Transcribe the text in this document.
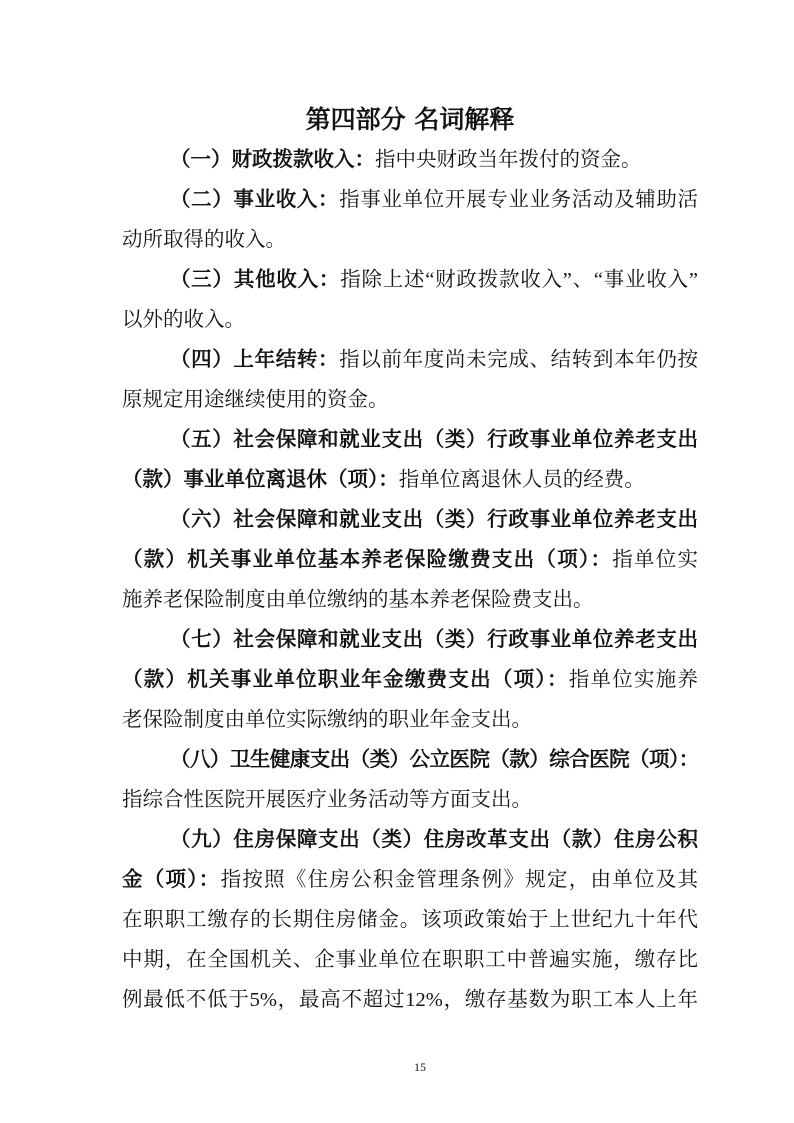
第四部分 名词解释
（一）财政拨款收入：指中央财政当年拨付的资金。
（二）事业收入：指事业单位开展专业业务活动及辅助活
动所取得的收入。
（三）其他收入：指除上述“财政拨款收入”、“事业收入”
以外的收入。
（四）上年结转：指以前年度尚未完成、结转到本年仍按
原规定用途继续使用的资金。
（五）社会保障和就业支出（类）行政事业单位养老支出
（款）事业单位离退休（项）：指单位离退休人员的经费。
（六）社会保障和就业支出（类）行政事业单位养老支出
（款）机关事业单位基本养老保险缴费支出（项）：指单位实
施养老保险制度由单位缴纳的基本养老保险费支出。
（七）社会保障和就业支出（类）行政事业单位养老支出
（款）机关事业单位职业年金缴费支出（项）：指单位实施养
老保险制度由单位实际缴纳的职业年金支出。
（八）卫生健康支出（类）公立医院（款）综合医院（项）：
指综合性医院开展医疗业务活动等方面支出。
（九）住房保障支出（类）住房改革支出（款）住房公积
金（项）：指按照《住房公积金管理条例》规定，由单位及其
在职职工缴存的长期住房储金。该项政策始于上世纪九十年代
中期，在全国机关、企事业单位在职职工中普遍实施，缴存比
例最低不低于5%，最高不超过12%，缴存基数为职工本人上年
15
